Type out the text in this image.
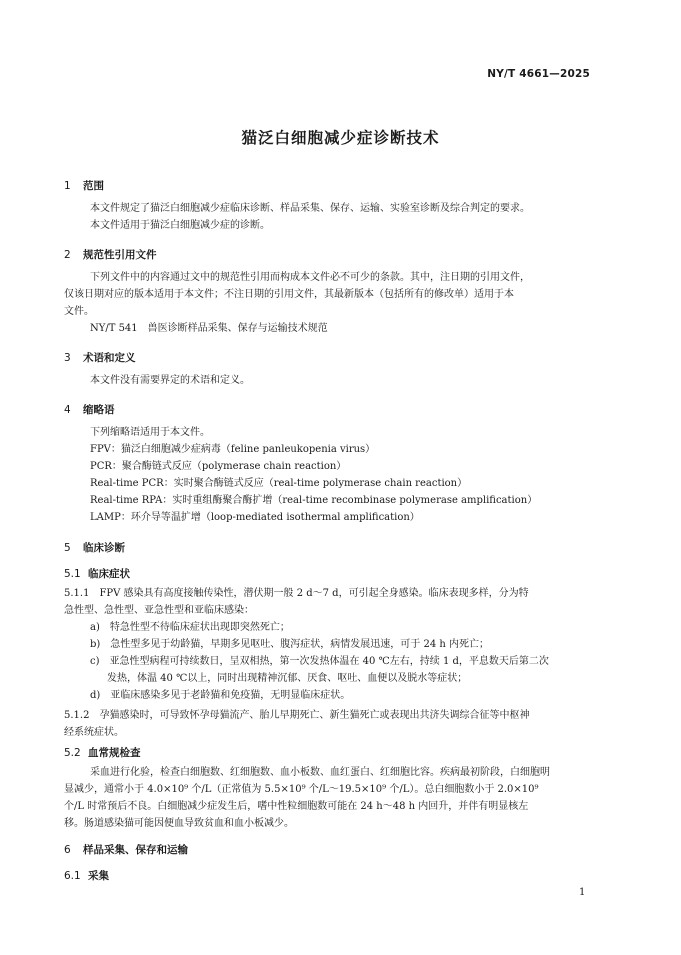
NY/T 4661—2025
猫泛白细胞减少症诊断技术
1 范围
本文件规定了猫泛白细胞减少症临床诊断、样品采集、保存、运输、实验室诊断及综合判定的要求。
本文件适用于猫泛白细胞减少症的诊断。
2 规范性引用文件
下列文件中的内容通过文中的规范性引用而构成本文件必不可少的条款。其中，注日期的引用文件，
仅该日期对应的版本适用于本文件；不注日期的引用文件，其最新版本（包括所有的修改单）适用于本
文件。
NY/T 541　兽医诊断样品采集、保存与运输技术规范
3 术语和定义
本文件没有需要界定的术语和定义。
4 缩略语
下列缩略语适用于本文件。
FPV：猫泛白细胞减少症病毒（feline panleukopenia virus）
PCR：聚合酶链式反应（polymerase chain reaction）
Real-time PCR：实时聚合酶链式反应（real-time polymerase chain reaction）
Real-time RPA：实时重组酶聚合酶扩增（real-time recombinase polymerase amplification）
LAMP：环介导等温扩增（loop-mediated isothermal amplification）
5 临床诊断
5.1 临床症状
5.1.1　FPV 感染具有高度接触传染性，潜伏期一般 2 d～7 d，可引起全身感染。临床表现多样，分为特
急性型、急性型、亚急性型和亚临床感染：
a)　特急性型不待临床症状出现即突然死亡；
b)　急性型多见于幼龄猫，早期多见呕吐、腹泻症状，病情发展迅速，可于 24 h 内死亡；
c)　亚急性型病程可持续数日，呈双相热，第一次发热体温在 40 ℃左右，持续 1 d，平息数天后第二次
发热，体温 40 ℃以上，同时出现精神沉郁、厌食、呕吐、血便以及脱水等症状；
d)　亚临床感染多见于老龄猫和免疫猫，无明显临床症状。
5.1.2　孕猫感染时，可导致怀孕母猫流产、胎儿早期死亡、新生猫死亡或表现出共济失调综合征等中枢神
经系统症状。
5.2 血常规检查
采血进行化验，检查白细胞数、红细胞数、血小板数、血红蛋白、红细胞比容。疾病最初阶段，白细胞明
显减少，通常小于 4.0×10⁹ 个/L（正常值为 5.5×10⁹ 个/L～19.5×10⁹ 个/L）。总白细胞数小于 2.0×10⁹
个/L 时常预后不良。白细胞减少症发生后，嗜中性粒细胞数可能在 24 h～48 h 内回升，并伴有明显核左
移。肠道感染猫可能因便血导致贫血和血小板减少。
6 样品采集、保存和运输
6.1 采集
1
